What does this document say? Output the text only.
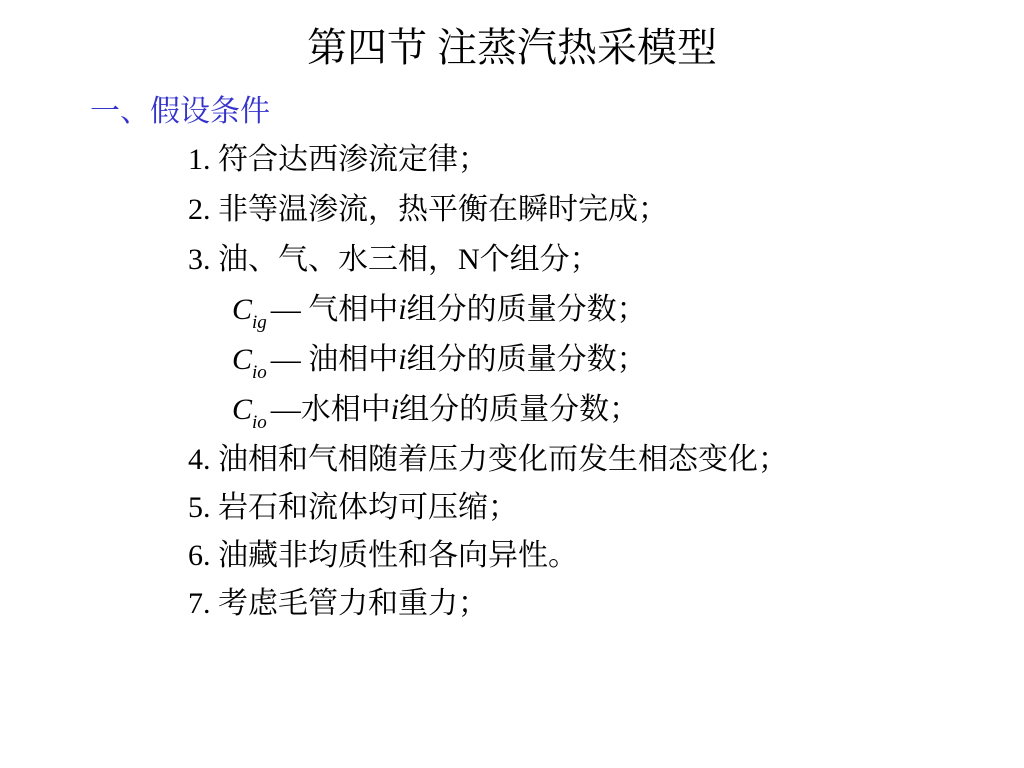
第四节 注蒸汽热采模型
一、假设条件
1. 符合达西渗流定律；
2. 非等温渗流，热平衡在瞬时完成；
3. 油、气、水三相，N个组分；
$C_{ig}$ — 气相中i组分的质量分数；
$C_{io}$ — 油相中i组分的质量分数；
$C_{io}$ —水相中i组分的质量分数；
4. 油相和气相随着压力变化而发生相态变化；
5. 岩石和流体均可压缩；
6. 油藏非均质性和各向异性。
7. 考虑毛管力和重力；
